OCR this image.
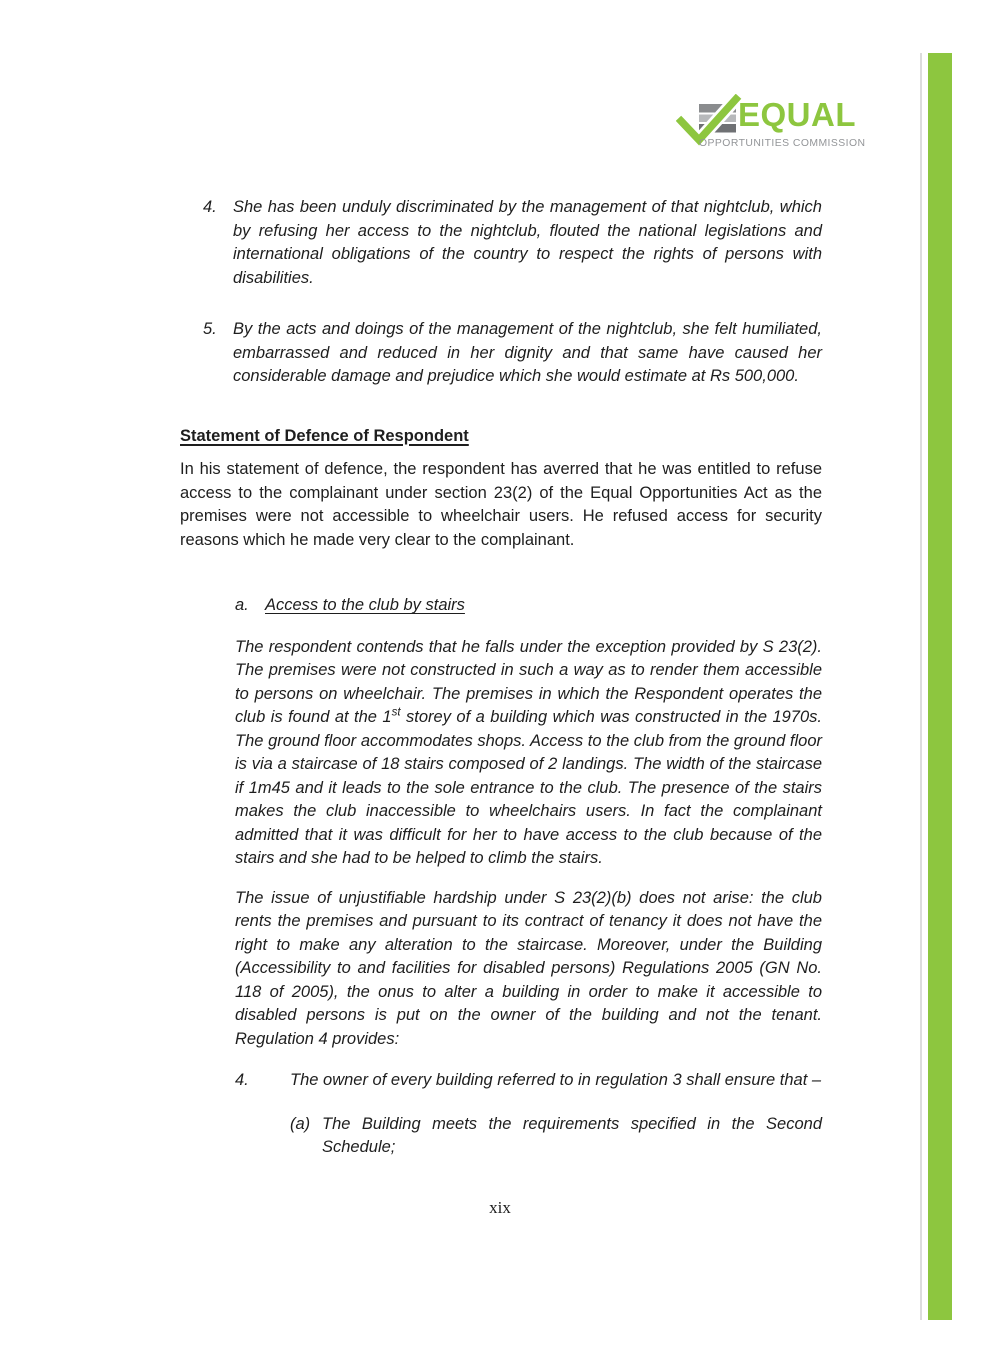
EQUAL
OPPORTUNITIES COMMISSION
4. She has been unduly discriminated by the management of that nightclub, which by refusing her access to the nightclub, flouted the national legislations and international obligations of the country to respect the rights of persons with disabilities.
5. By the acts and doings of the management of the nightclub, she felt humiliated, embarrassed and reduced in her dignity and that same have caused her considerable damage and prejudice which she would estimate at Rs 500,000.
Statement of Defence of Respondent
In his statement of defence, the respondent has averred that he was entitled to refuse access to the complainant under section 23(2) of the Equal Opportunities Act as the premises were not accessible to wheelchair users. He refused access for security reasons which he made very clear to the complainant.
a. Access to the club by stairs
The respondent contends that he falls under the exception provided by S 23(2). The premises were not constructed in such a way as to render them accessible to persons on wheelchair. The premises in which the Respondent operates the club is found at the 1st storey of a building which was constructed in the 1970s. The ground floor accommodates shops. Access to the club from the ground floor is via a staircase of 18 stairs composed of 2 landings. The width of the staircase if 1m45 and it leads to the sole entrance to the club. The presence of the stairs makes the club inaccessible to wheelchairs users. In fact the complainant admitted that it was difficult for her to have access to the club because of the stairs and she had to be helped to climb the stairs.
The issue of unjustifiable hardship under S 23(2)(b) does not arise: the club rents the premises and pursuant to its contract of tenancy it does not have the right to make any alteration to the staircase. Moreover, under the Building (Accessibility to and facilities for disabled persons) Regulations 2005 (GN No. 118 of 2005), the onus to alter a building in order to make it accessible to disabled persons is put on the owner of the building and not the tenant. Regulation 4 provides:
4.	The owner of every building referred to in regulation 3 shall ensure that –
(a) The Building meets the requirements specified in the Second Schedule;
xix
